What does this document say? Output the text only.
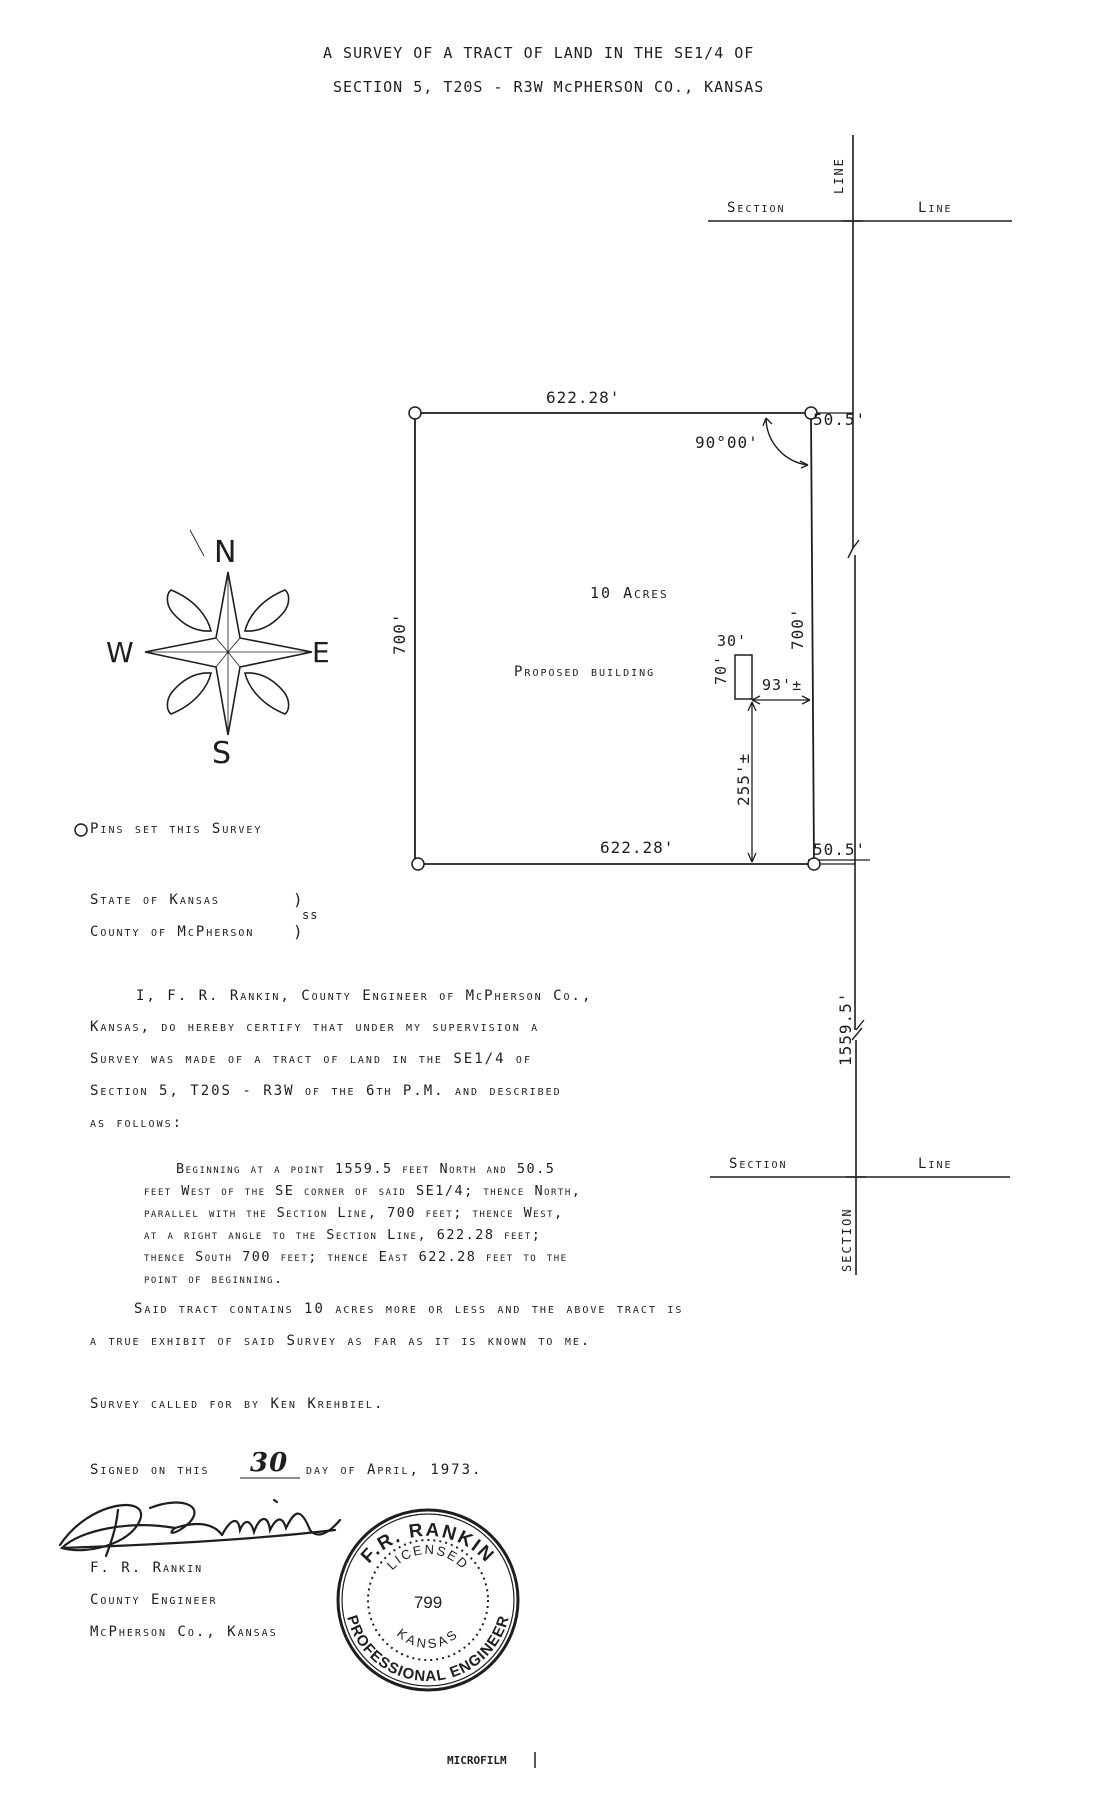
F.R. RANKIN
PROFESSIONAL ENGINEER
LICENSED
KANSAS
799
A SURVEY OF A TRACT OF LAND IN THE SE1/4 OF
SECTION 5, T20S - R3W McPHERSON CO., KANSAS
Section	Line
LINE
Section	Line
SECTION
622.28'
622.28'
700'	700'
90°00'
50.5'
50.5'
1559.5'
10 Acres
Proposed building
30'
70' 93'±
255'±
N
S
E
W
Pins set this Survey
State of Kansas	)
County of McPherson )
ss
I, F. R. Rankin, County Engineer of McPherson Co.,
Kansas, do hereby certify that under my supervision a
Survey was made of a tract of land in the SE1/4 of
Section 5, T20S - R3W of the 6th P.M. and described
as follows:
Beginning at a point 1559.5 feet North and 50.5
feet West of the SE corner of said SE1/4; thence North,
parallel with the Section Line, 700 feet; thence West,
at a right angle to the Section Line, 622.28 feet;
thence South 700 feet; thence East 622.28 feet to the
point of beginning.
Said tract contains 10 acres more or less and the above tract is
a true exhibit of said Survey as far as it is known to me.
Survey called for by Ken Krehbiel.
Signed on this 30 day of April, 1973.
F. R. Rankin
County Engineer
McPherson Co., Kansas
MICROFILM
